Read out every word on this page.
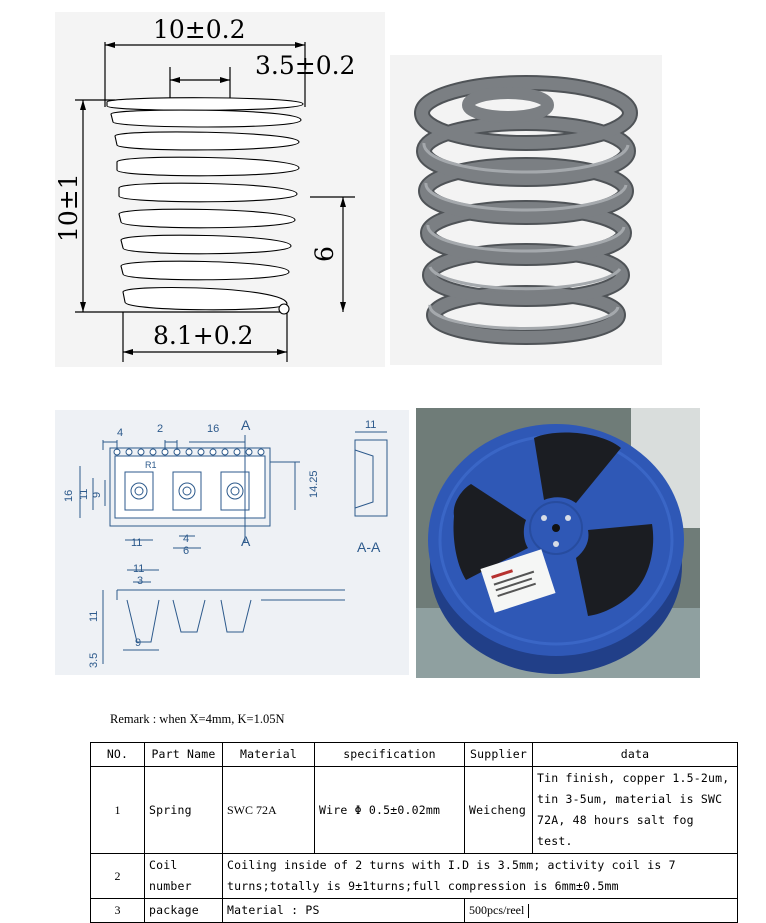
10±0.2
3.5±0.2
10±1
6
8.1+0.2
4	2	16 A	11
R1
16 11 9	14.25
11	4
6
A	A-A
11
3
11
9
3.5
Remark : when X=4mm, K=1.05N
NO.	Part Name	Material	specification	Supplier	data
1	Spring	SWC 72A	Wire Φ 0.5±0.02mm	Weicheng	Tin finish, copper 1.5-2um, tin 3-5um, material is SWC 72A, 48 hours salt fog test.
2	Coil number	Coiling inside of 2 turns with I.D is 3.5mm; activity coil is 7 turns;totally is 9±1turns;full compression is 6mm±0.5mm			
3	package	Material : PS		500pcs/reel	
